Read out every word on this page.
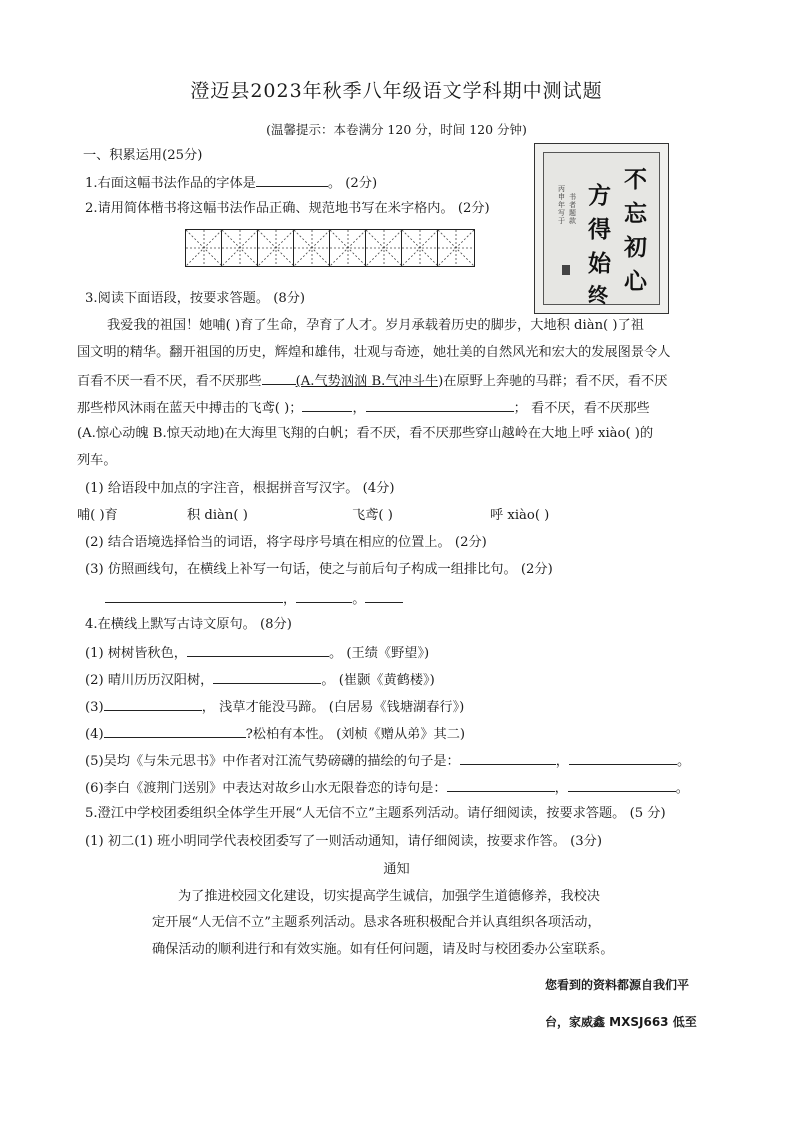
澄迈县2023年秋季八年级语文学科期中测试题
(温馨提示：本卷满分 120 分，时间 120 分钟)
一、积累运用(25分)
1.右面这幅书法作品的字体是	。 (2分)
2.请用简体楷书将这幅书法作品正确、规范地书写在米字格内。 (2分)
丙申年写于
书者题款
不
忘
初
心
方
得
始
终
3.阅读下面语段，按要求答题。 (8分)
我爱我的祖国！她哺( )育了生命，孕育了人才。岁月承载着历史的脚步，大地积 diàn( )了祖
国文明的精华。翻开祖国的历史，辉煌和雄伟，壮观与奇迹，她壮美的自然风光和宏大的发展图景令人
百看不厌一看不厌，看不厌那些	(A.气势汹汹 B.气冲斗牛)在原野上奔驰的马群；看不厌，看不厌
那些栉风沐雨在蓝天中搏击的飞鸢( )；	，	； 看不厌，看不厌那些
(A.惊心动魄 B.惊天动地)在大海里飞翔的白帆；看不厌，看不厌那些穿山越岭在大地上呼 xiào( )的
列车。
(1) 给语段中加点的字注音，根据拼音写汉字。 (4分)
哺( )育	积 diàn( )	飞鸢( )	呼 xiào( )
(2) 结合语境选择恰当的词语，将字母序号填在相应的位置上。 (2分)
(3) 仿照画线句，在横线上补写一句话，使之与前后句子构成一组排比句。 (2分)
，	。
4.在横线上默写古诗文原句。 (8分)
(1) 树树皆秋色，	。 (王绩《野望》)
(2) 晴川历历汉阳树，	。 (崔颢《黄鹤楼》)
(3)	， 浅草才能没马蹄。 (白居易《钱塘湖春行》)
(4)	?松柏有本性。 (刘桢《赠从弟》其二)
(5)吴均《与朱元思书》中作者对江流气势磅礴的描绘的句子是：	，	。
(6)李白《渡荆门送别》中表达对故乡山水无限眷恋的诗句是：	，	。
5.澄江中学校团委组织全体学生开展“人无信不立”主题系列活动。请仔细阅读，按要求答题。 (5 分)
(1) 初二(1) 班小明同学代表校团委写了一则活动通知，请仔细阅读，按要求作答。 (3分)
通知
为了推进校园文化建设，切实提高学生诚信，加强学生道德修养，我校决
定开展“人无信不立”主题系列活动。恳求各班积极配合并认真组织各项活动，
确保活动的顺利进行和有效实施。如有任何问题，请及时与校团委办公室联系。
您看到的资料都源自我们平
台，家威鑫 MXSJ663 低至
